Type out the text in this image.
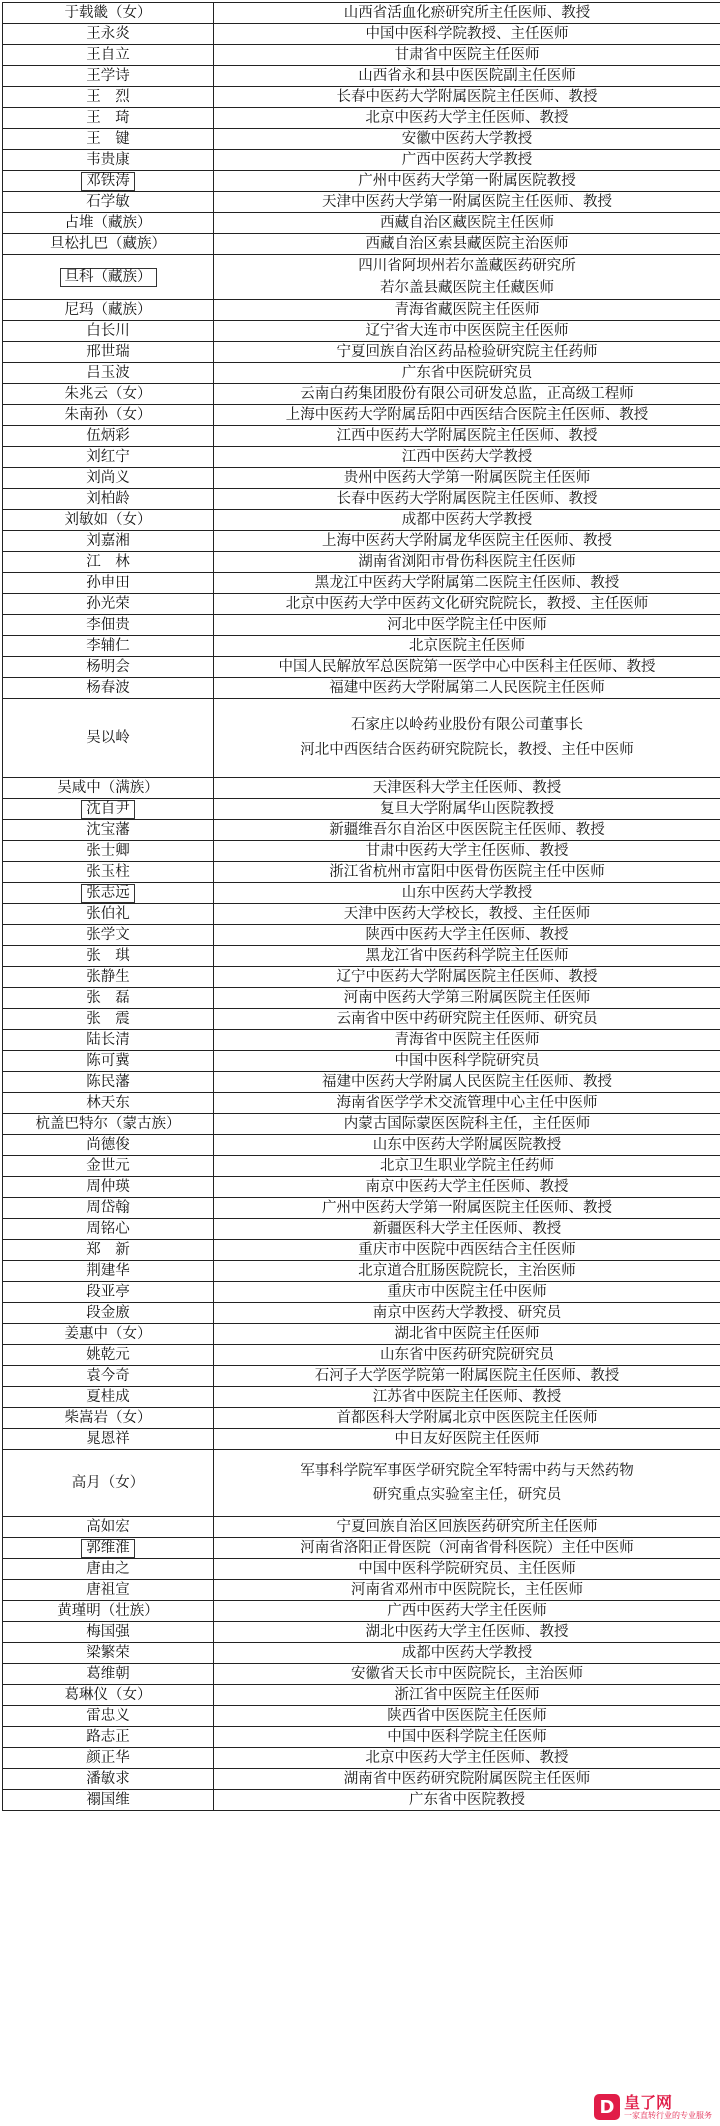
于载畿（女）	山西省活血化瘀研究所主任医师、教授
王永炎	中国中医科学院教授、主任医师
王自立	甘肃省中医院主任医师
王学诗	山西省永和县中医医院副主任医师
王　烈	长春中医药大学附属医院主任医师、教授
王　琦	北京中医药大学主任医师、教授
王　键	安徽中医药大学教授
韦贵康	广西中医药大学教授
邓铁涛	广州中医药大学第一附属医院教授
石学敏	天津中医药大学第一附属医院主任医师、教授
占堆（藏族）	西藏自治区藏医院主任医师
旦松扎巴（藏族）	西藏自治区索县藏医院主治医师
旦科（藏族）	四川省阿坝州若尔盖藏医药研究所
若尔盖县藏医院主任藏医师

尼玛（藏族）	青海省藏医院主任医师
白长川	辽宁省大连市中医医院主任医师
邢世瑞	宁夏回族自治区药品检验研究院主任药师
吕玉波	广东省中医院研究员
朱兆云（女）	云南白药集团股份有限公司研发总监，正高级工程师
朱南孙（女）	上海中医药大学附属岳阳中西医结合医院主任医师、教授
伍炳彩	江西中医药大学附属医院主任医师、教授
刘红宁	江西中医药大学教授
刘尚义	贵州中医药大学第一附属医院主任医师
刘柏龄	长春中医药大学附属医院主任医师、教授
刘敏如（女）	成都中医药大学教授
刘嘉湘	上海中医药大学附属龙华医院主任医师、教授
江　林	湖南省浏阳市骨伤科医院主任医师
孙申田	黑龙江中医药大学附属第二医院主任医师、教授
孙光荣	北京中医药大学中医药文化研究院院长，教授、主任医师
李佃贵	河北中医学院主任中医师
李辅仁	北京医院主任医师
杨明会	中国人民解放军总医院第一医学中心中医科主任医师、教授
杨春波	福建中医药大学附属第二人民医院主任医师
吴以岭	石家庄以岭药业股份有限公司董事长
河北中西医结合医药研究院院长，教授、主任中医师

吴咸中（满族）	天津医科大学主任医师、教授
沈自尹	复旦大学附属华山医院教授
沈宝藩	新疆维吾尔自治区中医医院主任医师、教授
张士卿	甘肃中医药大学主任医师、教授
张玉柱	浙江省杭州市富阳中医骨伤医院主任中医师
张志远	山东中医药大学教授
张伯礼	天津中医药大学校长，教授、主任医师
张学文	陕西中医药大学主任医师、教授
张　琪	黑龙江省中医药科学院主任医师
张静生	辽宁中医药大学附属医院主任医师、教授
张　磊	河南中医药大学第三附属医院主任医师
张　震	云南省中医中药研究院主任医师、研究员
陆长清	青海省中医院主任医师
陈可冀	中国中医科学院研究员
陈民藩	福建中医药大学附属人民医院主任医师、教授
林天东	海南省医学学术交流管理中心主任中医师
杭盖巴特尔（蒙古族）	内蒙古国际蒙医医院科主任，主任医师
尚德俊	山东中医药大学附属医院教授
金世元	北京卫生职业学院主任药师
周仲瑛	南京中医药大学主任医师、教授
周岱翰	广州中医药大学第一附属医院主任医师、教授
周铭心	新疆医科大学主任医师、教授
郑　新	重庆市中医院中西医结合主任医师
荆建华	北京道合肛肠医院院长，主治医师
段亚亭	重庆市中医院主任中医师
段金廒	南京中医药大学教授、研究员
姜惠中（女）	湖北省中医院主任医师
姚乾元	山东省中医药研究院研究员
袁今奇	石河子大学医学院第一附属医院主任医师、教授
夏桂成	江苏省中医院主任医师、教授
柴嵩岩（女）	首都医科大学附属北京中医医院主任医师
晁恩祥	中日友好医院主任医师
高月（女）	军事科学院军事医学研究院全军特需中药与天然药物
研究重点实验室主任，研究员

高如宏	宁夏回族自治区回族医药研究所主任医师
郭维淮	河南省洛阳正骨医院（河南省骨科医院）主任中医师
唐由之	中国中医科学院研究员、主任医师
唐祖宣	河南省邓州市中医院院长，主任医师
黄瑾明（壮族）	广西中医药大学主任医师
梅国强	湖北中医药大学主任医师、教授
梁繁荣	成都中医药大学教授
葛维朝	安徽省天长市中医院院长，主治医师
葛琳仪（女）	浙江省中医院主任医师
雷忠义	陕西省中医医院主任医师
路志正	中国中医科学院主任医师
颜正华	北京中医药大学主任医师、教授
潘敏求	湖南省中医药研究院附属医院主任医师
禤国维	广东省中医院教授
D 皇了网
一家直转行业的专业服务
